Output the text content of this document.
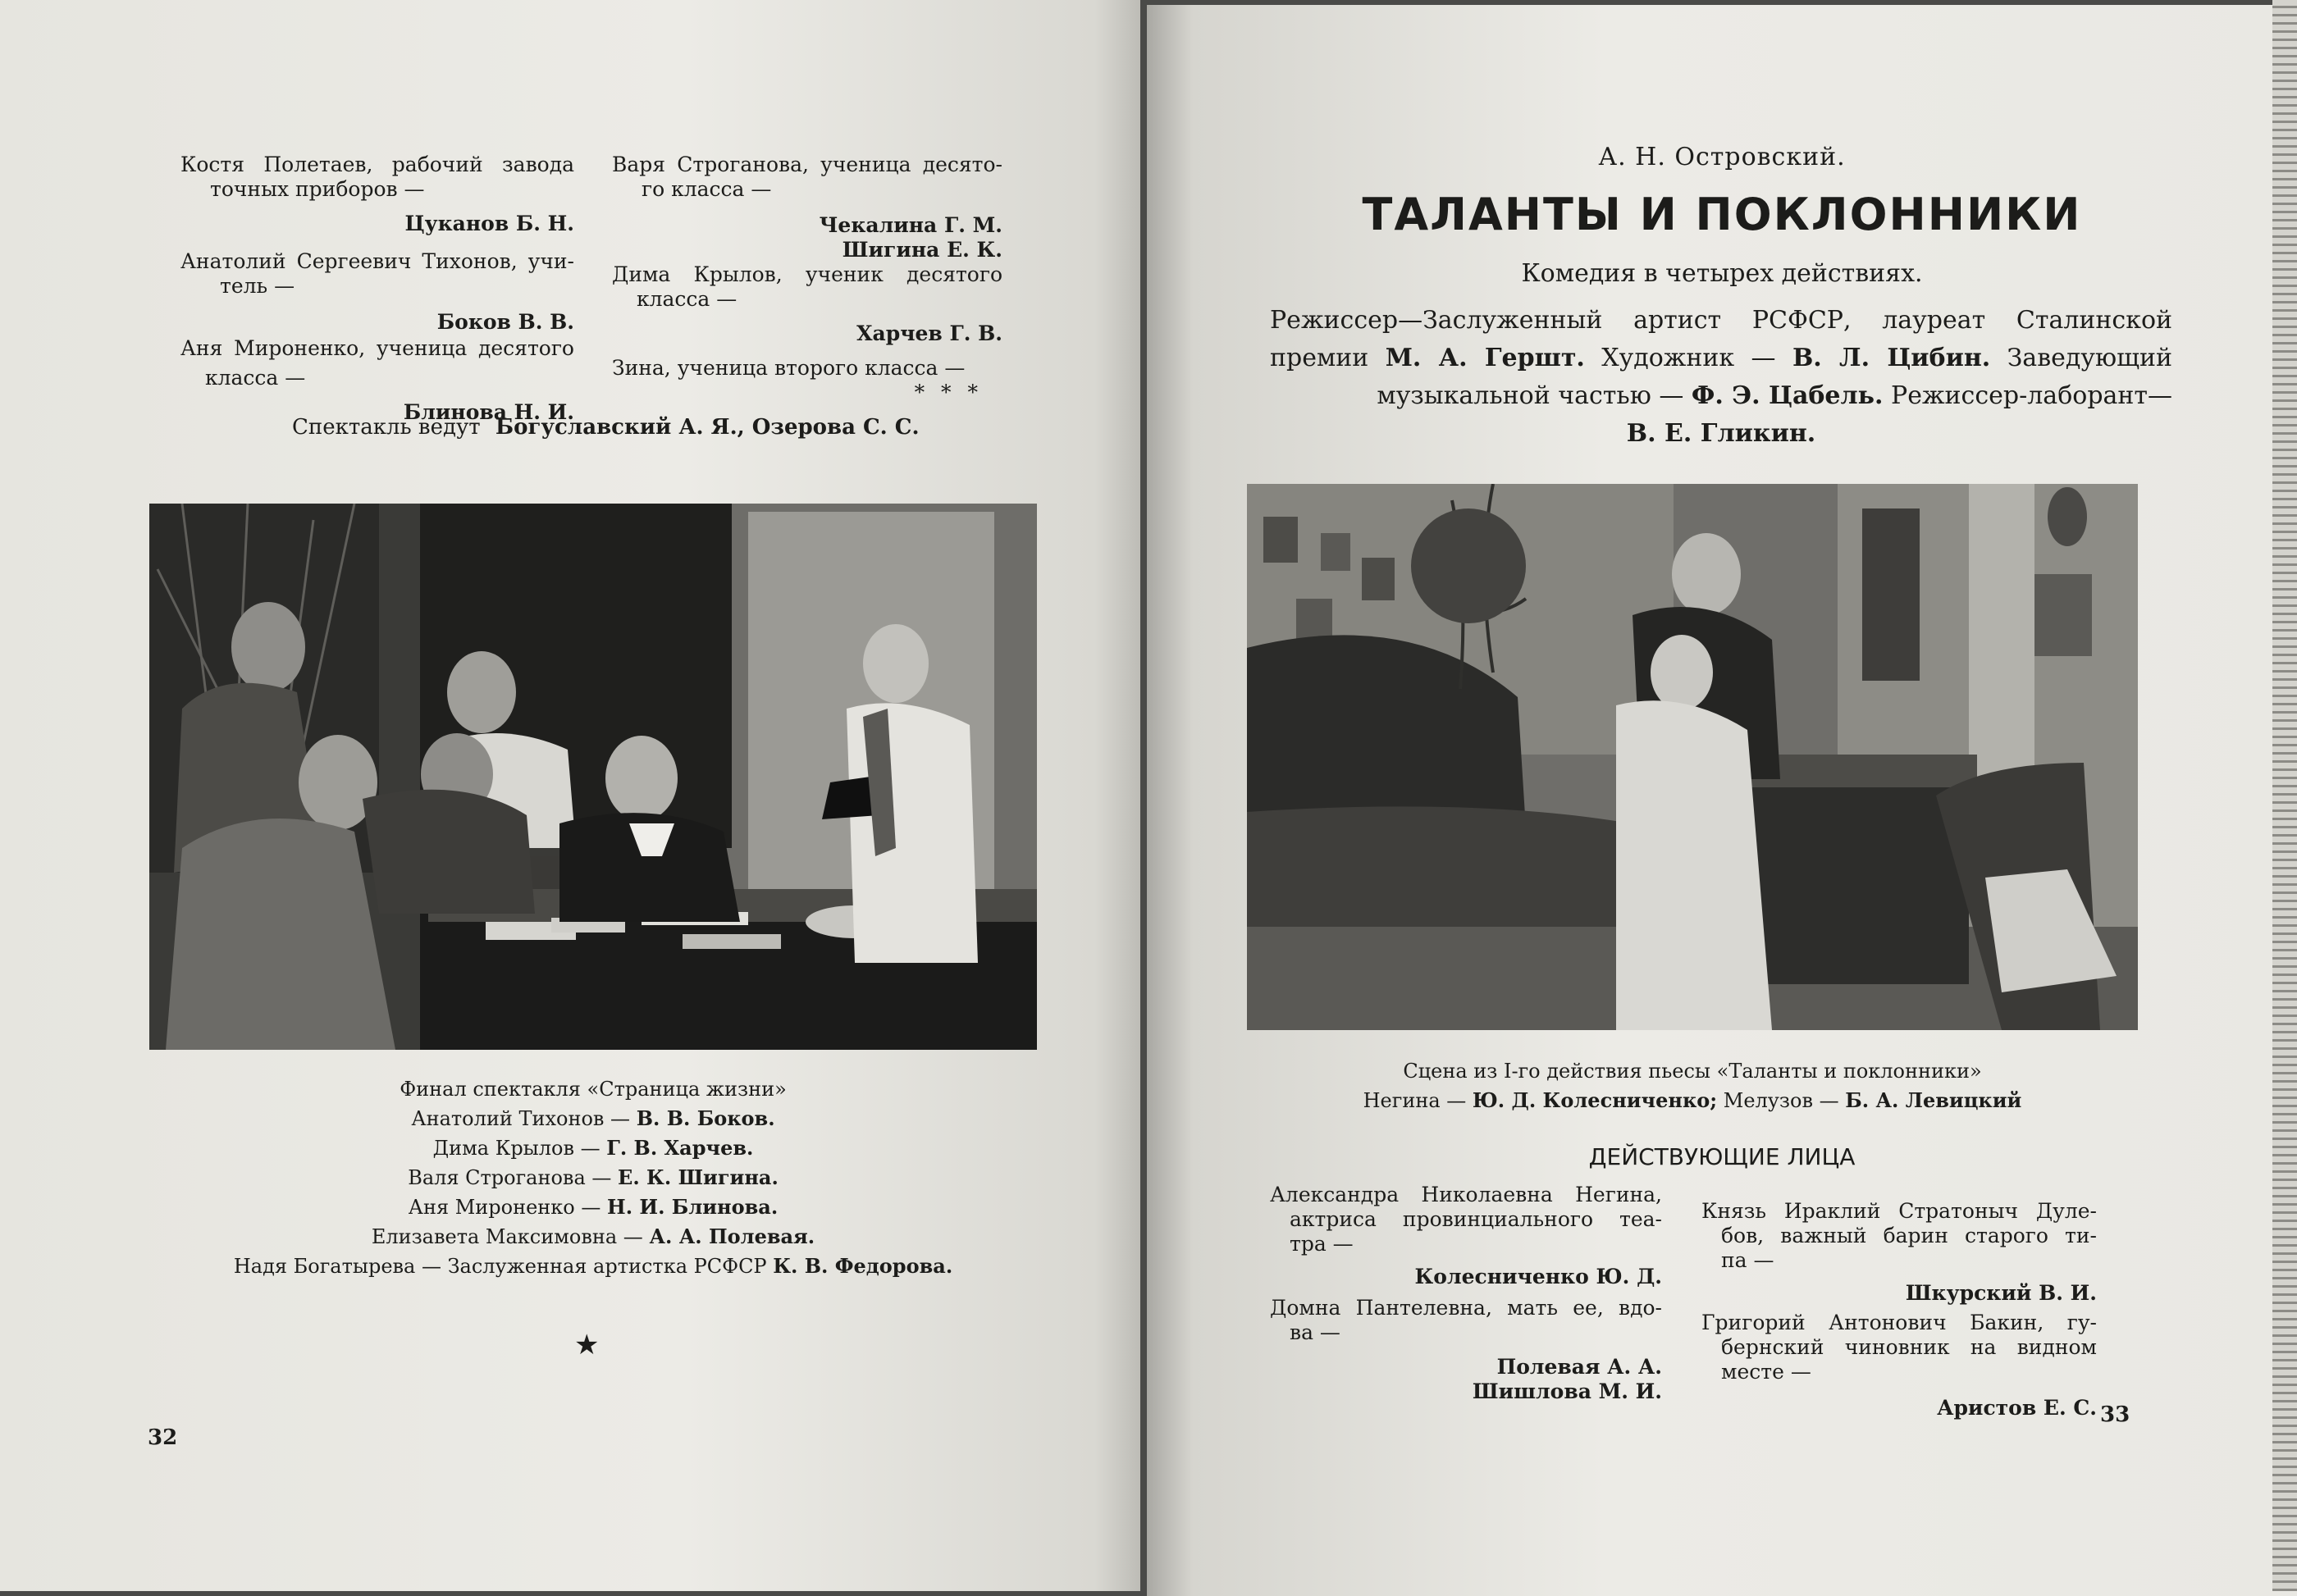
Костя Полетаев, рабочий завода
точных приборов —
Цуканов Б. Н.
Анатолий Сергеевич Тихонов, учи-
тель —
Боков В. В.
Аня Мироненко, ученица десятого
класса —
Блинова Н. И.
Варя Строганова, ученица десято-
го класса —
Чекалина Г. М.
Шигина Е. К.
Дима Крылов, ученик десятого
класса —
Харчев Г. В.
Зина, ученица второго класса —
* * *
Спектакль ведут Богуславский А. Я., Озерова С. С.
Финал спектакля «Страница жизни»
Анатолий Тихонов — В. В. Боков.
Дима Крылов — Г. В. Харчев.
Валя Строганова — Е. К. Шигина.
Аня Мироненко — Н. И. Блинова.
Елизавета Максимовна — А. А. Полевая.
Надя Богатырева — Заслуженная артистка РСФСР К. В. Федорова.
★
32
А. Н. Островский.
ТАЛАНТЫ И ПОКЛОННИКИ
Комедия в четырех действиях.
Режиссер—Заслуженный артист РСФСР, лауреат Сталинской
премии М. А. Гершт. Художник — В. Л. Цибин. Заведующий
музыкальной частью — Ф. Э. Цабель. Режиссер-лаборант—
В. Е. Гликин.
Сцена из I-го действия пьесы «Таланты и поклонники»
Негина — Ю. Д. Колесниченко; Мелузов — Б. А. Левицкий
ДЕЙСТВУЮЩИЕ ЛИЦА
Александра Николаевна Негина,
актриса провинциального теа-
тра —
Колесниченко Ю. Д.
Домна Пантелевна, мать ее, вдо-
ва —
Полевая А. А.
Шишлова М. И.
Князь Ираклий Стратоныч Дуле-
бов, важный барин старого ти-
па —
Шкурский В. И.
Григорий Антонович Бакин, гу-
бернский чиновник на видном
месте —
Аристов Е. С. 33
